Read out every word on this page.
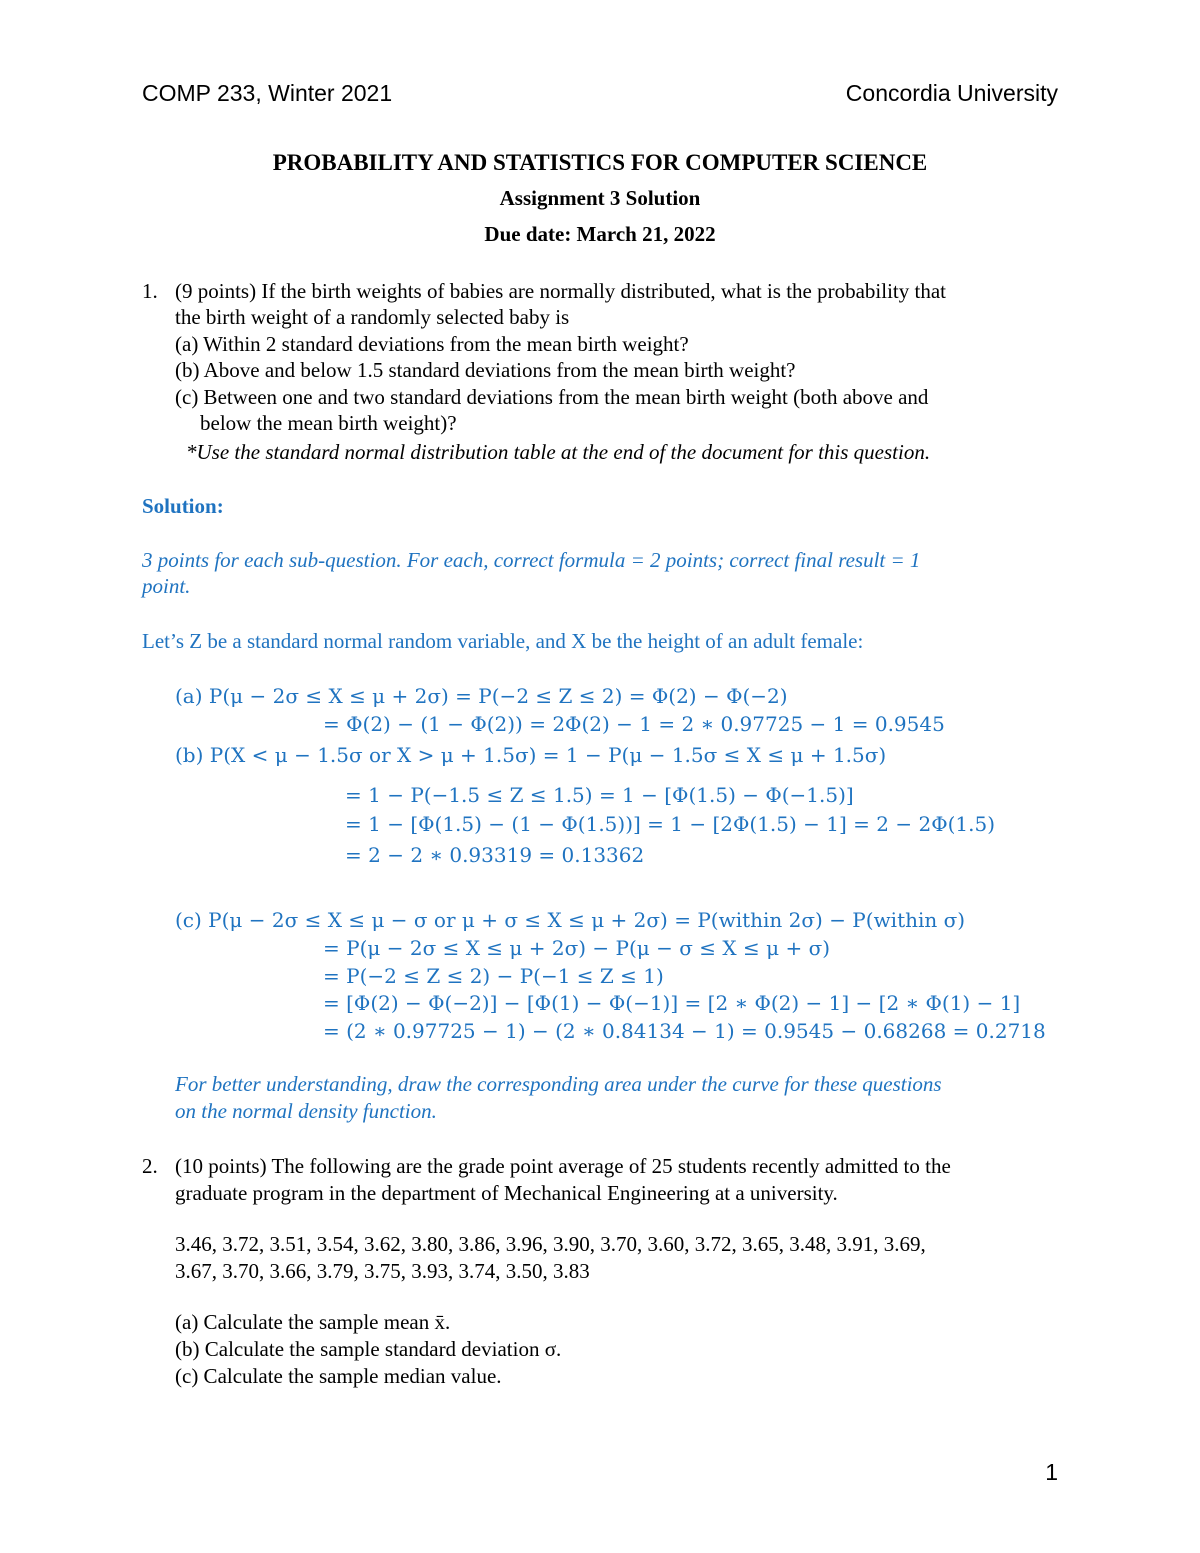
COMP 233, Winter 2021	Concordia University
PROBABILITY AND STATISTICS FOR COMPUTER SCIENCE
Assignment 3 Solution
Due date: March 21, 2022
1. (9 points) If the birth weights of babies are normally distributed, what is the probability that
the birth weight of a randomly selected baby is
(a) Within 2 standard deviations from the mean birth weight?
(b) Above and below 1.5 standard deviations from the mean birth weight?
(c) Between one and two standard deviations from the mean birth weight (both above and
below the mean birth weight)?
*Use the standard normal distribution table at the end of the document for this question.
Solution:
3 points for each sub-question. For each, correct formula = 2 points; correct final result = 1
point.
Let’s Z be a standard normal random variable, and X be the height of an adult female:
(a) P(μ − 2σ ≤ X ≤ μ + 2σ) = P(−2 ≤ Z ≤ 2) = Φ(2) − Φ(−2)
= Φ(2) − (1 − Φ(2)) = 2Φ(2) − 1 = 2 ∗ 0.97725 − 1 = 0.9545
(b) P(X < μ − 1.5σ or X > μ + 1.5σ) = 1 − P(μ − 1.5σ ≤ X ≤ μ + 1.5σ)
= 1 − P(−1.5 ≤ Z ≤ 1.5) = 1 − [Φ(1.5) − Φ(−1.5)]
= 1 − [Φ(1.5) − (1 − Φ(1.5))] = 1 − [2Φ(1.5) − 1] = 2 − 2Φ(1.5)
= 2 − 2 ∗ 0.93319 = 0.13362
(c) P(μ − 2σ ≤ X ≤ μ − σ or μ + σ ≤ X ≤ μ + 2σ) = P(within 2σ) − P(within σ)
= P(μ − 2σ ≤ X ≤ μ + 2σ) − P(μ − σ ≤ X ≤ μ + σ)
= P(−2 ≤ Z ≤ 2) − P(−1 ≤ Z ≤ 1)
= [Φ(2) − Φ(−2)] − [Φ(1) − Φ(−1)] = [2 ∗ Φ(2) − 1] − [2 ∗ Φ(1) − 1]
= (2 ∗ 0.97725 − 1) − (2 ∗ 0.84134 − 1) = 0.9545 − 0.68268 = 0.2718
For better understanding, draw the corresponding area under the curve for these questions
on the normal density function.
2. (10 points) The following are the grade point average of 25 students recently admitted to the
graduate program in the department of Mechanical Engineering at a university.
3.46, 3.72, 3.51, 3.54, 3.62, 3.80, 3.86, 3.96, 3.90, 3.70, 3.60, 3.72, 3.65, 3.48, 3.91, 3.69,
3.67, 3.70, 3.66, 3.79, 3.75, 3.93, 3.74, 3.50, 3.83
(a) Calculate the sample mean x̄.
(b) Calculate the sample standard deviation σ.
(c) Calculate the sample median value.
1
